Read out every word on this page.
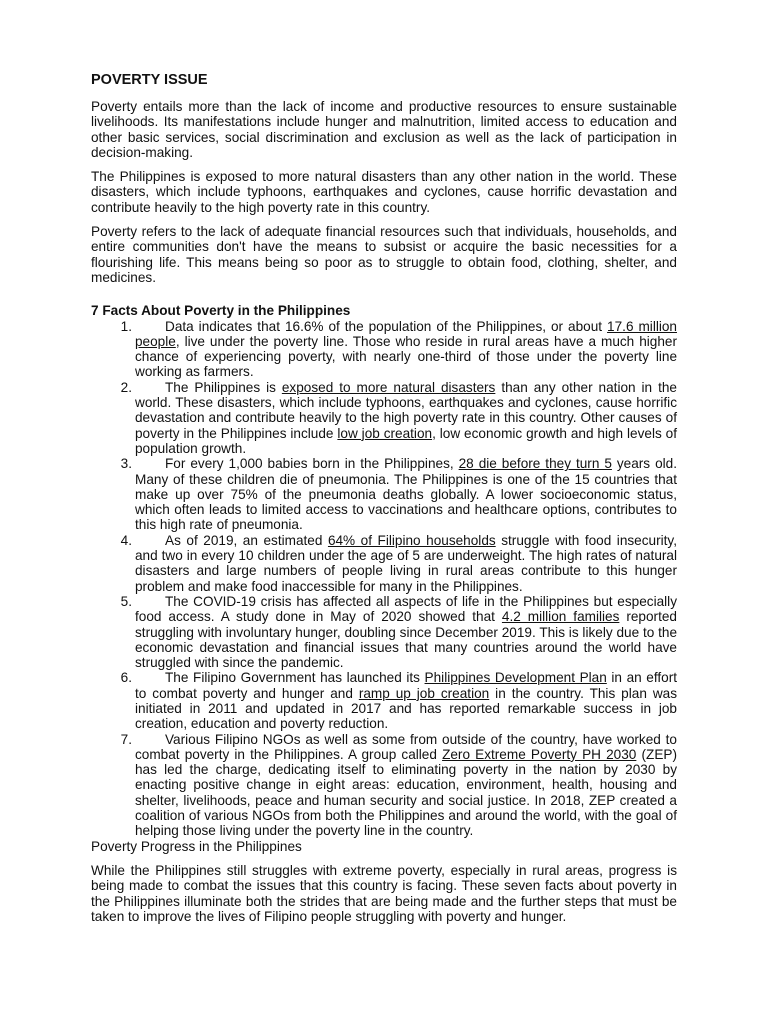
POVERTY ISSUE

Poverty entails more than the lack of income and productive resources to ensure sustainable livelihoods. Its manifestations include hunger and malnutrition, limited access to education and other basic services, social discrimination and exclusion as well as the lack of participation in decision-making.

The Philippines is exposed to more natural disasters than any other nation in the world. These disasters, which include typhoons, earthquakes and cyclones, cause horrific devastation and contribute heavily to the high poverty rate in this country.

Poverty refers to the lack of adequate financial resources such that individuals, households, and entire communities don't have the means to subsist or acquire the basic necessities for a flourishing life. This means being so poor as to struggle to obtain food, clothing, shelter, and medicines.

7 Facts About Poverty in the Philippines
1.	Data indicates that 16.6% of the population of the Philippines, or about 17.6 million people, live under the poverty line. Those who reside in rural areas have a much higher chance of experiencing poverty, with nearly one-third of those under the poverty line working as farmers.
2.	The Philippines is exposed to more natural disasters than any other nation in the world. These disasters, which include typhoons, earthquakes and cyclones, cause horrific devastation and contribute heavily to the high poverty rate in this country. Other causes of poverty in the Philippines include low job creation, low economic growth and high levels of population growth.
3.	For every 1,000 babies born in the Philippines, 28 die before they turn 5 years old. Many of these children die of pneumonia. The Philippines is one of the 15 countries that make up over 75% of the pneumonia deaths globally. A lower socioeconomic status, which often leads to limited access to vaccinations and healthcare options, contributes to this high rate of pneumonia.
4.	As of 2019, an estimated 64% of Filipino households struggle with food insecurity, and two in every 10 children under the age of 5 are underweight. The high rates of natural disasters and large numbers of people living in rural areas contribute to this hunger problem and make food inaccessible for many in the Philippines.
5.	The COVID-19 crisis has affected all aspects of life in the Philippines but especially food access. A study done in May of 2020 showed that 4.2 million families reported struggling with involuntary hunger, doubling since December 2019. This is likely due to the economic devastation and financial issues that many countries around the world have struggled with since the pandemic.
6.	The Filipino Government has launched its Philippines Development Plan in an effort to combat poverty and hunger and ramp up job creation in the country. This plan was initiated in 2011 and updated in 2017 and has reported remarkable success in job creation, education and poverty reduction.
7.	Various Filipino NGOs as well as some from outside of the country, have worked to combat poverty in the Philippines. A group called Zero Extreme Poverty PH 2030 (ZEP) has led the charge, dedicating itself to eliminating poverty in the nation by 2030 by enacting positive change in eight areas: education, environment, health, housing and shelter, livelihoods, peace and human security and social justice. In 2018, ZEP created a coalition of various NGOs from both the Philippines and around the world, with the goal of helping those living under the poverty line in the country.
Poverty Progress in the Philippines

While the Philippines still struggles with extreme poverty, especially in rural areas, progress is being made to combat the issues that this country is facing. These seven facts about poverty in the Philippines illuminate both the strides that are being made and the further steps that must be taken to improve the lives of Filipino people struggling with poverty and hunger.
